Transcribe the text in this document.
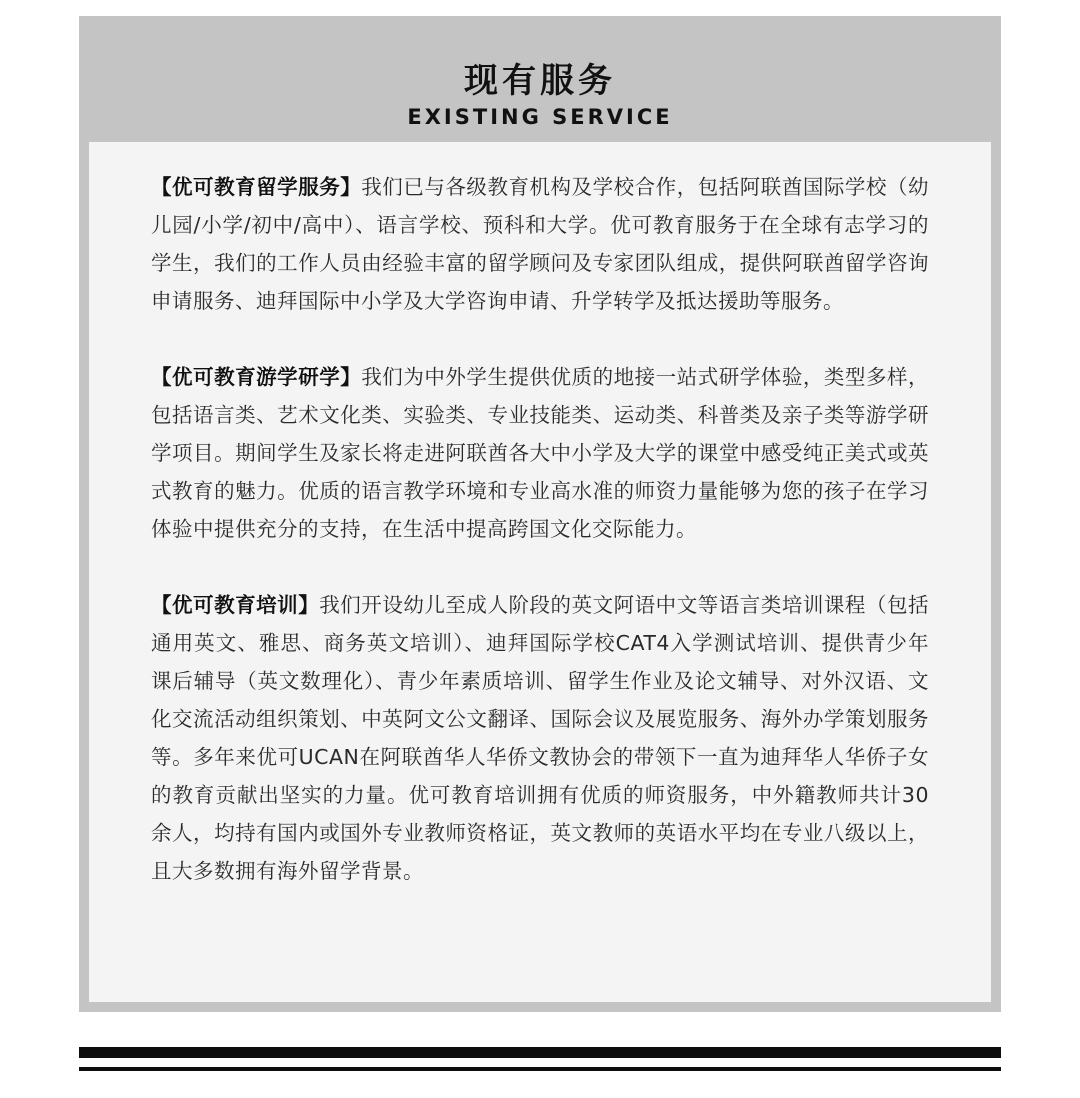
现有服务
EXISTING SERVICE

【优可教育留学服务】我们已与各级教育机构及学校合作，包括阿联酋国际学校（幼儿园/小学/初中/高中）、语言学校、预科和大学。优可教育服务于在全球有志学习的学生，我们的工作人员由经验丰富的留学顾问及专家团队组成，提供阿联酋留学咨询申请服务、迪拜国际中小学及大学咨询申请、升学转学及抵达援助等服务。

【优可教育游学研学】我们为中外学生提供优质的地接一站式研学体验，类型多样，包括语言类、艺术文化类、实验类、专业技能类、运动类、科普类及亲子类等游学研学项目。期间学生及家长将走进阿联酋各大中小学及大学的课堂中感受纯正美式或英式教育的魅力。优质的语言教学环境和专业高水准的师资力量能够为您的孩子在学习体验中提供充分的支持，在生活中提高跨国文化交际能力。

【优可教育培训】我们开设幼儿至成人阶段的英文阿语中文等语言类培训课程（包括通用英文、雅思、商务英文培训）、迪拜国际学校CAT4入学测试培训、提供青少年课后辅导（英文数理化）、青少年素质培训、留学生作业及论文辅导、对外汉语、文化交流活动组织策划、中英阿文公文翻译、国际会议及展览服务、海外办学策划服务等。多年来优可UCAN在阿联酋华人华侨文教协会的带领下一直为迪拜华人华侨子女的教育贡献出坚实的力量。优可教育培训拥有优质的师资服务，中外籍教师共计30余人，均持有国内或国外专业教师资格证，英文教师的英语水平均在专业八级以上，且大多数拥有海外留学背景。
